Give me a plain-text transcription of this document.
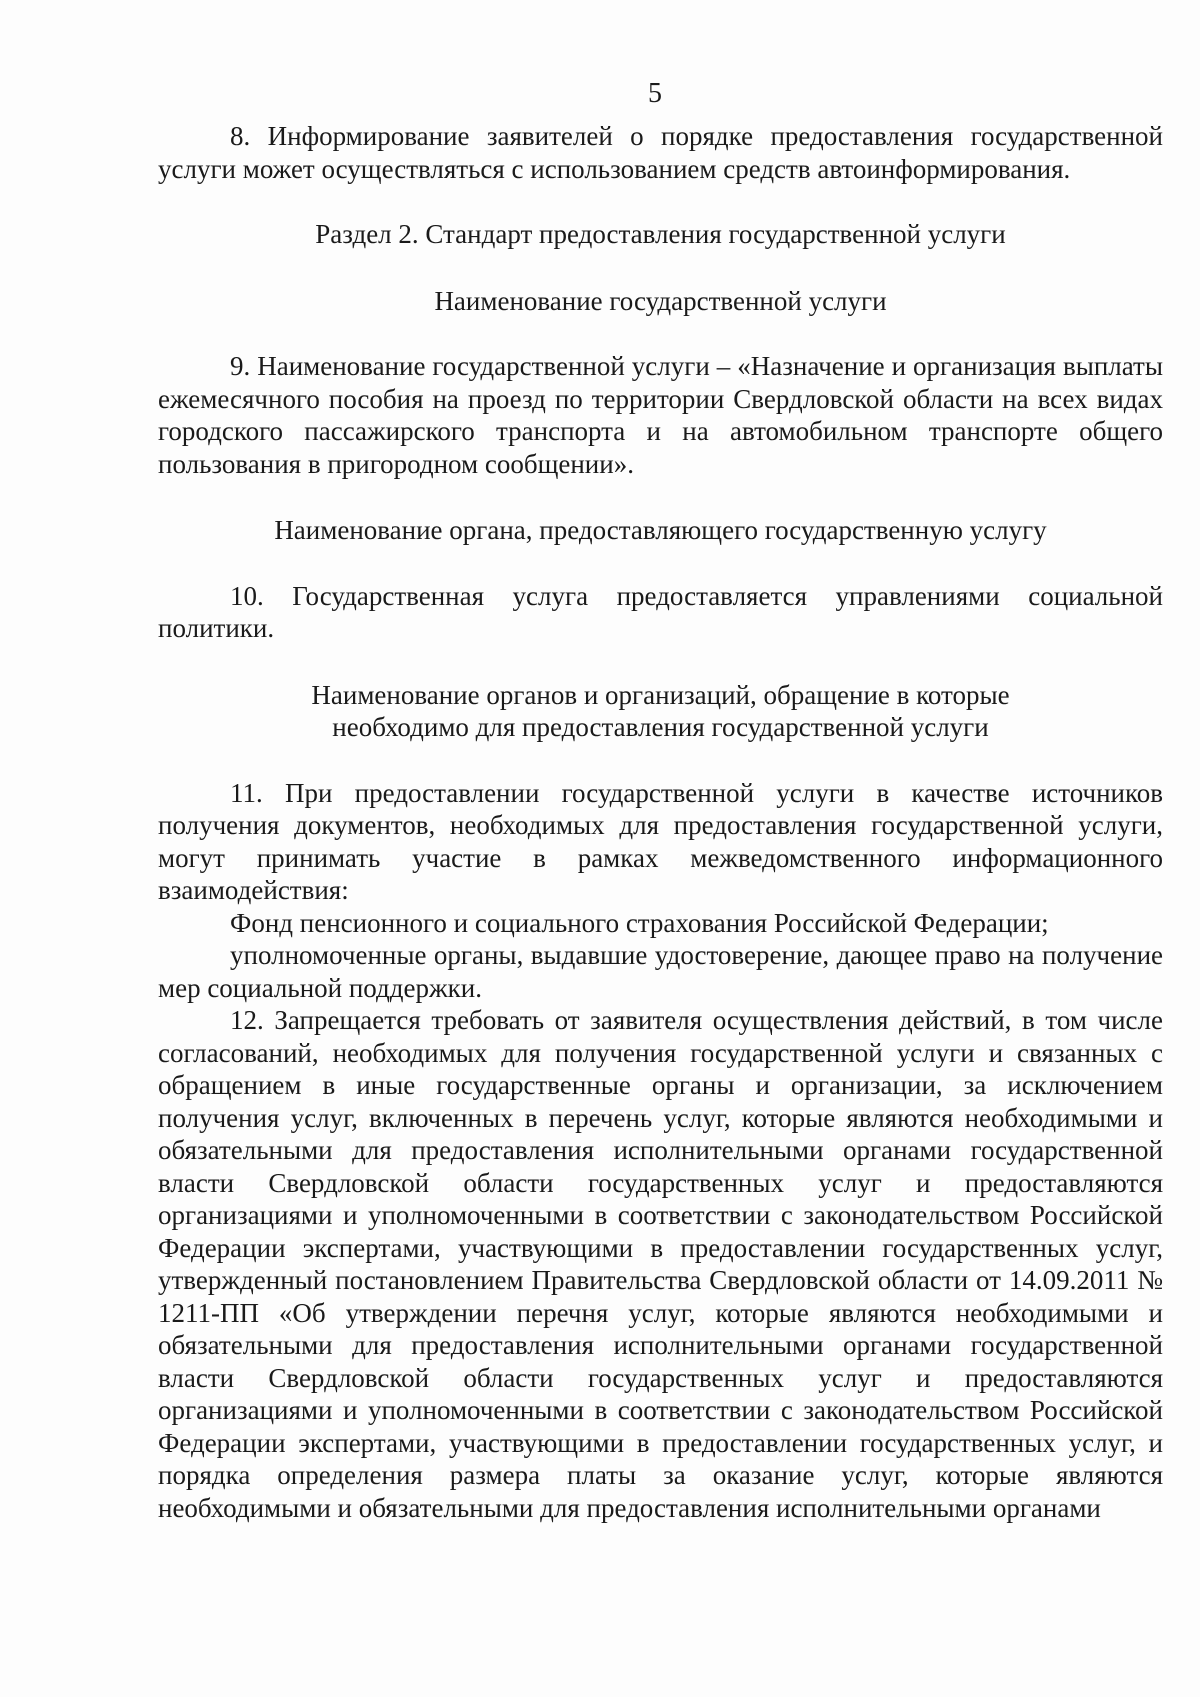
5

8. Информирование заявителей о порядке предоставления государственной услуги может осуществляться с использованием средств автоинформирования.

Раздел 2. Стандарт предоставления государственной услуги
Наименование государственной услуги

9. Наименование государственной услуги – «Назначение и организация выплаты ежемесячного пособия на проезд по территории Свердловской области на всех видах городского пассажирского транспорта и на автомобильном транспорте общего пользования в пригородном сообщении».

Наименование органа, предоставляющего государственную услугу

10. Государственная услуга предоставляется управлениями социальной политики.

Наименование органов и организаций, обращение в которые
необходимо для предоставления государственной услуги

11. При предоставлении государственной услуги в качестве источников получения документов, необходимых для предоставления государственной услуги, могут принимать участие в рамках межведомственного информационного взаимодействия:

Фонд пенсионного и социального страхования Российской Федерации;

уполномоченные органы, выдавшие удостоверение, дающее право на получение мер социальной поддержки.

12. Запрещается требовать от заявителя осуществления действий, в том числе согласований, необходимых для получения государственной услуги и связанных с обращением в иные государственные органы и организации, за исключением получения услуг, включенных в перечень услуг, которые являются необходимыми и обязательными для предоставления исполнительными органами государственной власти Свердловской области государственных услуг и предоставляются организациями и уполномоченными в соответствии с законодательством Российской Федерации экспертами, участвующими в предоставлении государственных услуг, утвержденный постановлением Правительства Свердловской области от 14.09.2011 № 1211-ПП «Об утверждении перечня услуг, которые являются необходимыми и обязательными для предоставления исполнительными органами государственной власти Свердловской области государственных услуг и предоставляются организациями и уполномоченными в соответствии с законодательством Российской Федерации экспертами, участвующими в предоставлении государственных услуг, и порядка определения размера платы за оказание услуг, которые являются необходимыми и обязательными для предоставления исполнительными органами
